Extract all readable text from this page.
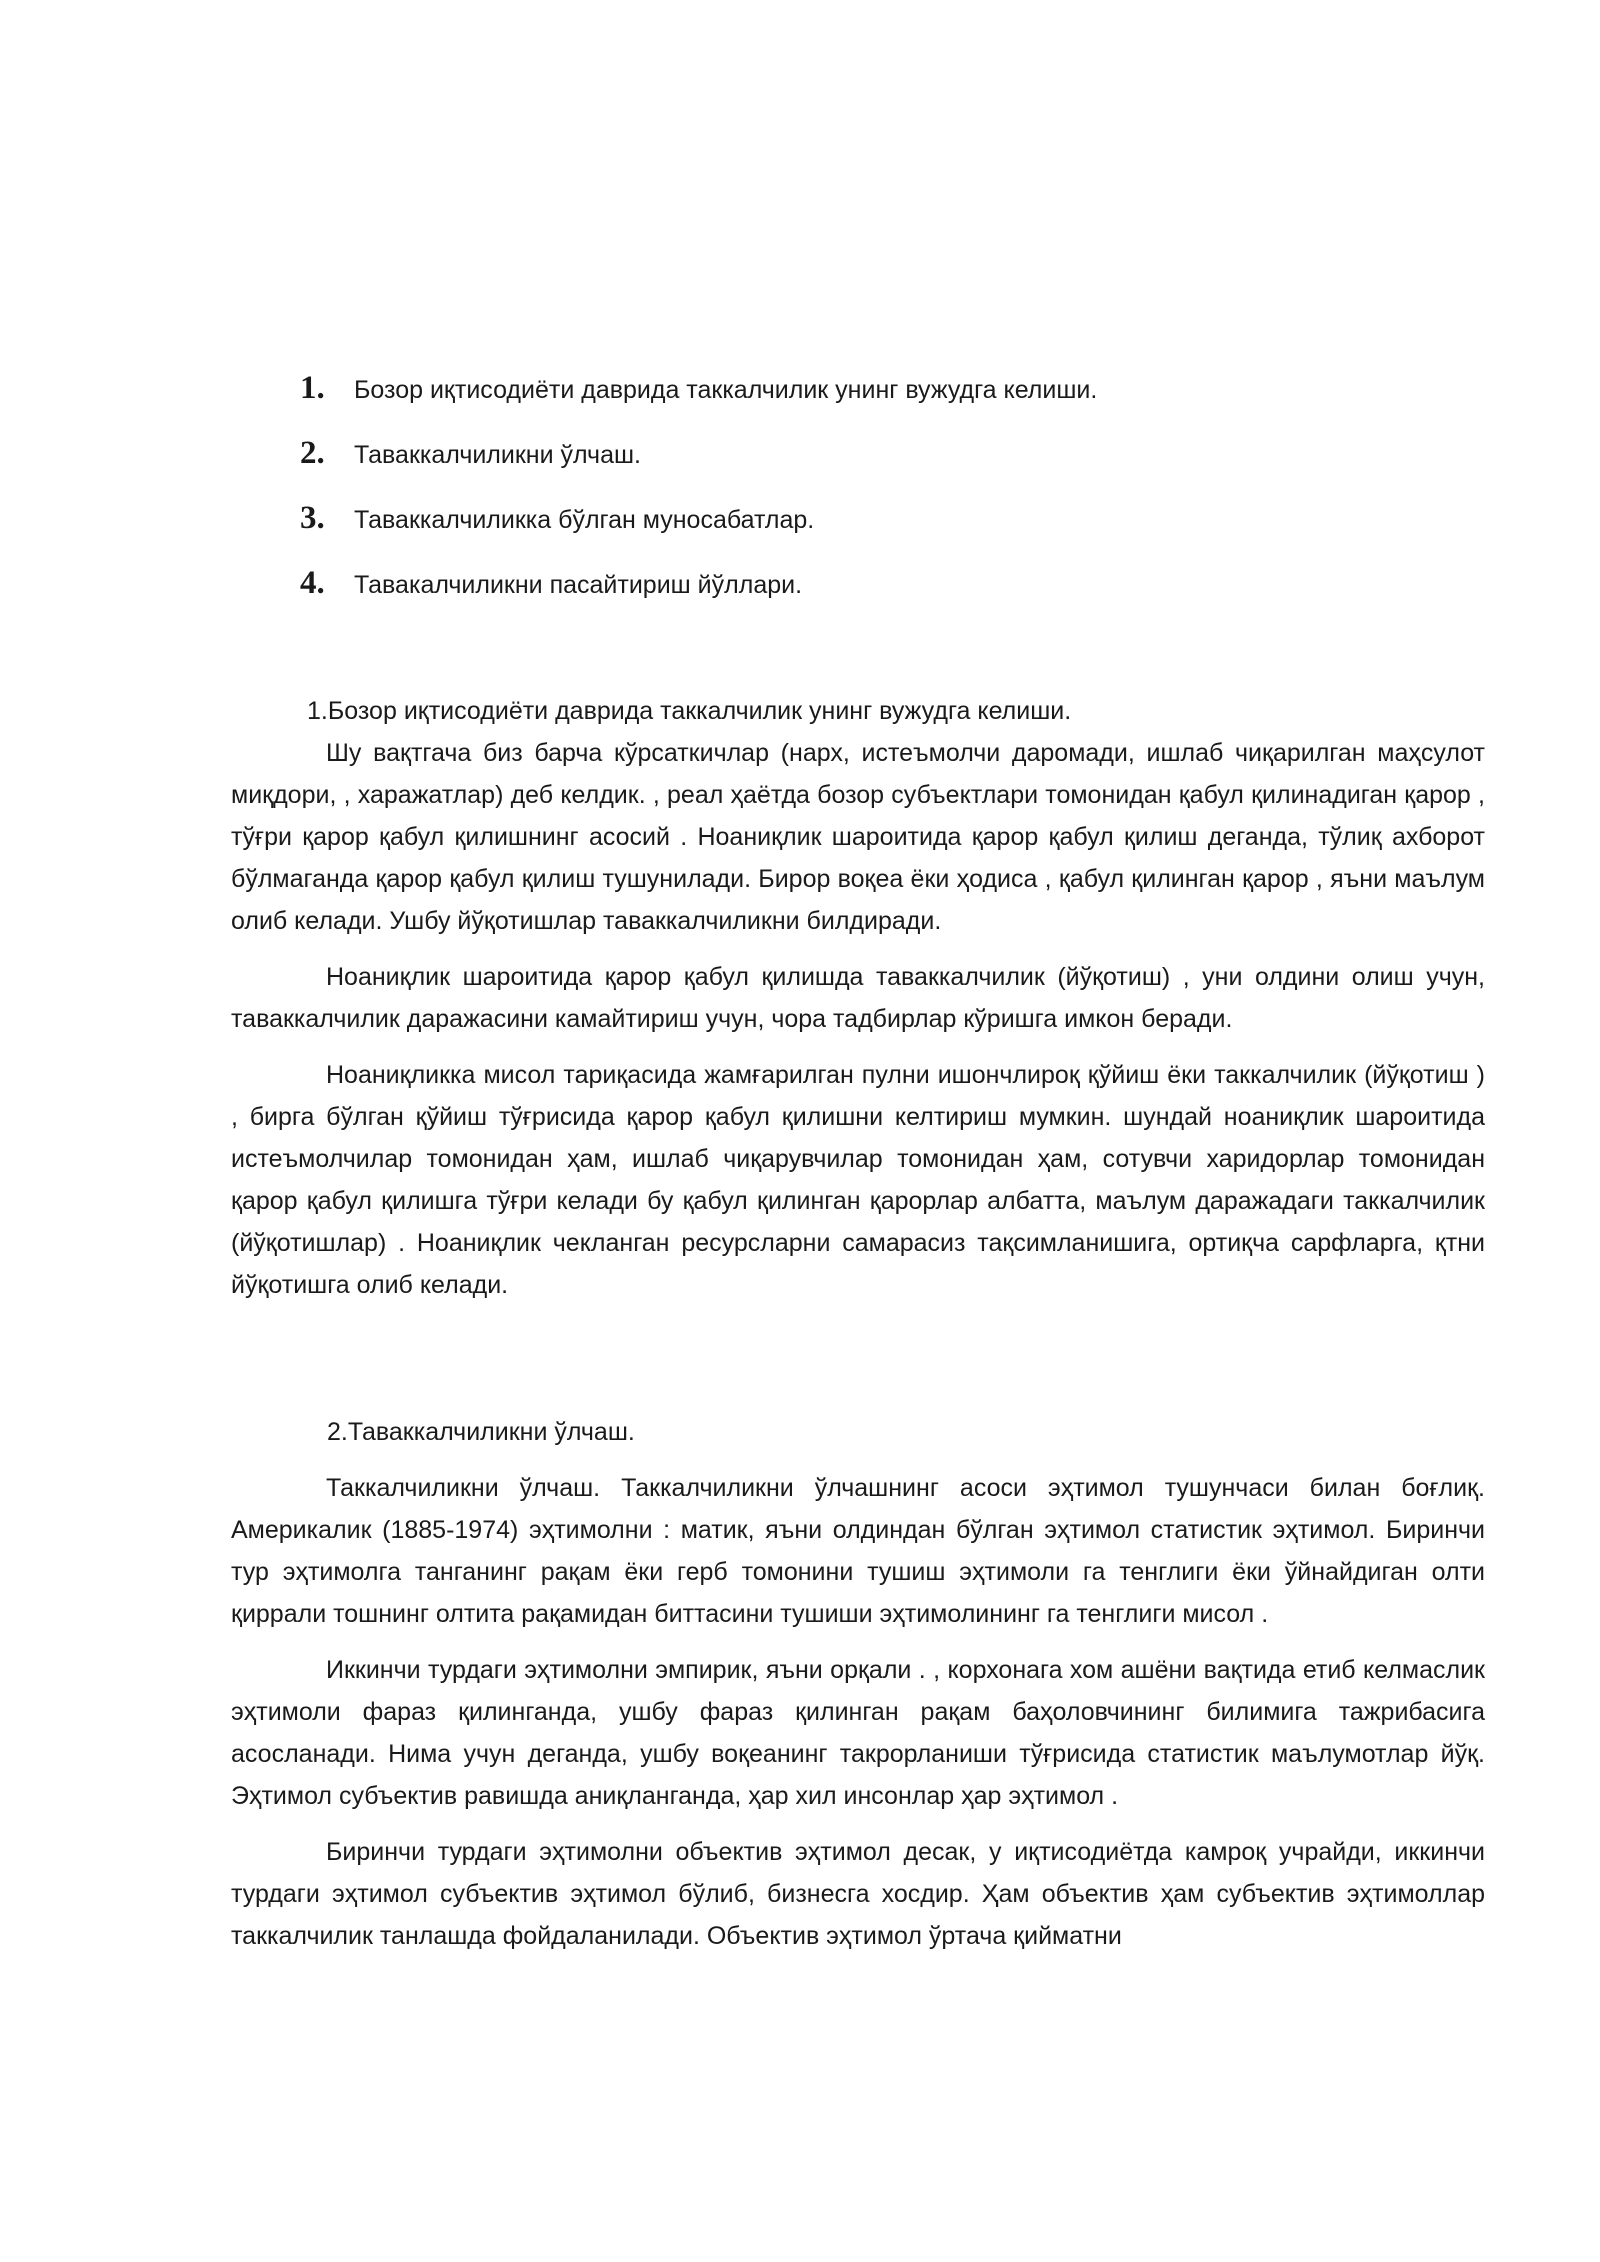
1.	Бозор иқтисодиёти даврида таккалчилик унинг вужудга келиши.
2.	Таваккалчиликни ўлчаш.
3.	Таваккалчиликка бўлган муносабатлар.
4.	Тавакалчиликни пасайтириш йўллари.

1.Бозор иқтисодиёти даврида таккалчилик унинг вужудга келиши.

Шу вақтгача биз барча кўрсаткичлар (нарх, истеъмолчи даромади, ишлаб чиқарилган маҳсулот миқдори, , харажатлар) деб келдик. , реал ҳаётда бозор субъектлари томонидан қабул қилинадиган қарор , тўғри қарор қабул қилишнинг асосий . Ноаниқлик шароитида қарор қабул қилиш деганда, тўлиқ ахборот бўлмаганда қарор қабул қилиш тушунилади. Бирор воқеа ёки ҳодиса , қабул қилинган қарор , яъни маълум олиб келади. Ушбу йўқотишлар таваккалчиликни билдиради.

Ноаниқлик шароитида қарор қабул қилишда таваккалчилик (йўқотиш) , уни олдини олиш учун, таваккалчилик даражасини камайтириш учун, чора тадбирлар кўришга имкон беради.

Ноаниқликка мисол тариқасида жамғарилган пулни ишончлироқ қўйиш ёки таккалчилик (йўқотиш ) , бирга бўлган қўйиш тўғрисида қарор қабул қилишни келтириш мумкин. шундай ноаниқлик шароитида истеъмолчилар томонидан ҳам, ишлаб чиқарувчилар томонидан ҳам, сотувчи харидорлар томонидан қарор қабул қилишга тўғри келади бу қабул қилинган қарорлар албатта, маълум даражадаги таккалчилик (йўқотишлар) . Ноаниқлик чекланган ресурсларни самарасиз тақсимланишига, ортиқча сарфларга, қтни йўқотишга олиб келади.

2.Таваккалчиликни ўлчаш.

Таккалчиликни ўлчаш. Таккалчиликни ўлчашнинг асоси эҳтимол тушунчаси билан боғлиқ. Америкалик (1885-1974) эҳтимолни : матик, яъни олдиндан бўлган эҳтимол статистик эҳтимол. Биринчи тур эҳтимолга танганинг рақам ёки герб томонини тушиш эҳтимоли га тенглиги ёки ўйнайдиган олти қиррали тошнинг олтита рақамидан биттасини тушиши эҳтимолининг га тенглиги мисол .

Иккинчи турдаги эҳтимолни эмпирик, яъни орқали . , корхонага хом ашёни вақтида етиб келмаслик эҳтимоли фараз қилинганда, ушбу фараз қилинган рақам баҳоловчининг билимига тажрибасига асосланади. Нима учун деганда, ушбу воқеанинг такрорланиши тўғрисида статистик маълумотлар йўқ. Эҳтимол субъектив равишда аниқланганда, ҳар хил инсонлар ҳар эҳтимол .

Биринчи турдаги эҳтимолни объектив эҳтимол десак, у иқтисодиётда камроқ учрайди, иккинчи турдаги эҳтимол субъектив эҳтимол бўлиб, бизнесга хосдир. Ҳам объектив ҳам субъектив эҳтимоллар таккалчилик танлашда фойдаланилади. Объектив эҳтимол ўртача қийматни
